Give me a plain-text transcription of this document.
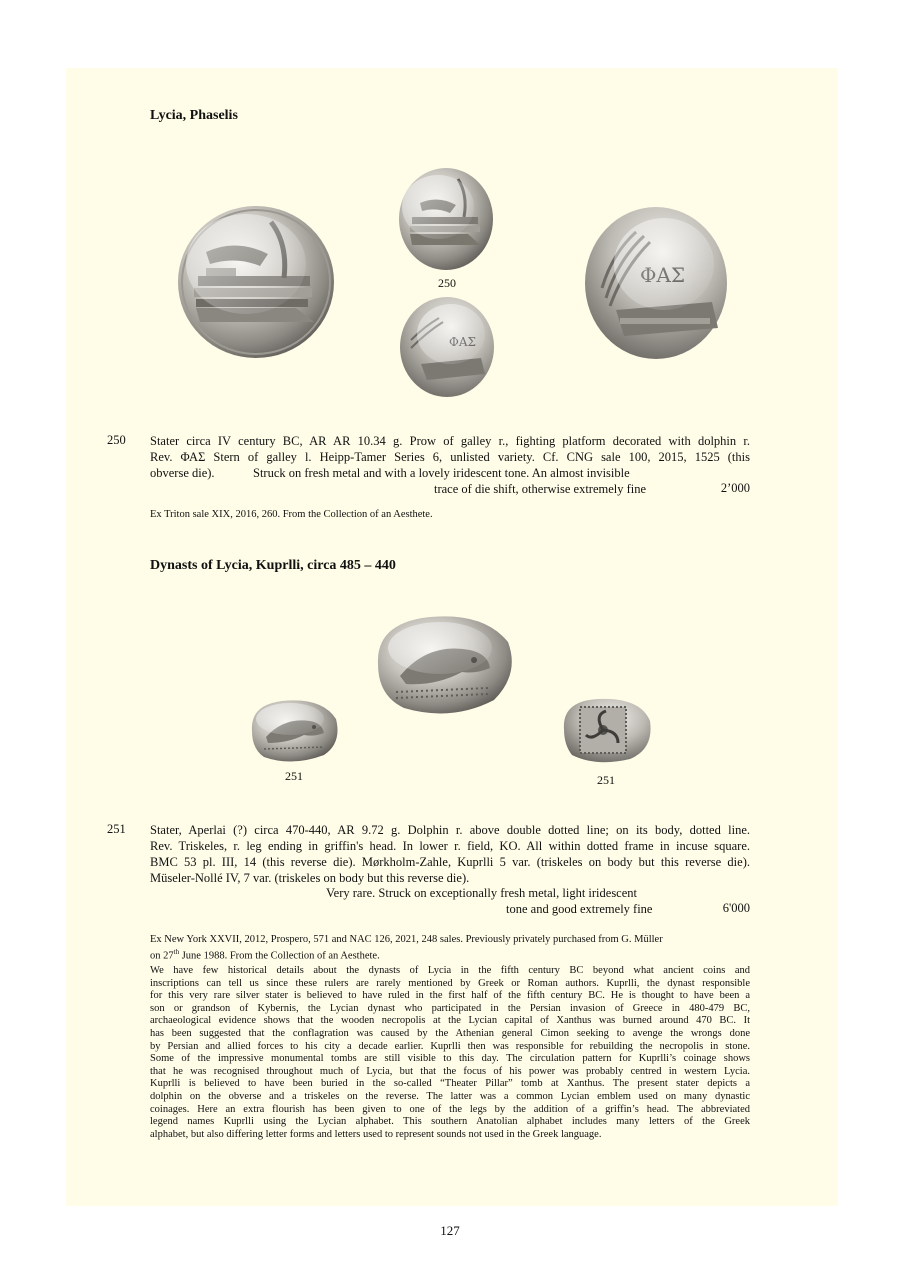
Lycia, Phaselis
250
250 Stater circa IV century BC, AR AR 10.34 g. Prow of galley r., fighting platform decorated with dolphin r.
Rev. ΦΑΣ Stern of galley l. Heipp-Tamer Series 6, unlisted variety. Cf. CNG sale 100, 2015, 1525 (this
obverse die).	Struck on fresh metal and with a lovely iridescent tone. An almost invisible
trace of die shift, otherwise extremely fine	2’000
Ex Triton sale XIX, 2016, 260. From the Collection of an Aesthete.
Dynasts of Lycia, Kuprlli, circa 485 – 440
251	251
251 Stater, Aperlai (?) circa 470-440, AR 9.72 g. Dolphin r. above double dotted line; on its body, dotted line.
Rev. Triskeles, r. leg ending in griffin's head. In lower r. field, KO. All within dotted frame in incuse square.
BMC 53 pl. III, 14 (this reverse die). Mørkholm-Zahle, Kuprlli 5 var. (triskeles on body but this reverse die).
Müseler-Nollé IV, 7 var. (triskeles on body but this reverse die).
Very rare. Struck on exceptionally fresh metal, light iridescent
tone and good extremely fine	6'000
Ex New York XXVII, 2012, Prospero, 571 and NAC 126, 2021, 248 sales. Previously privately purchased from G. Müller
on 27th June 1988. From the Collection of an Aesthete.
We have few historical details about the dynasts of Lycia in the fifth century BC beyond what ancient coins and
inscriptions can tell us since these rulers are rarely mentioned by Greek or Roman authors. Kuprlli, the dynast responsible
for this very rare silver stater is believed to have ruled in the first half of the fifth century BC. He is thought to have been a
son or grandson of Kybernis, the Lycian dynast who participated in the Persian invasion of Greece in 480-479 BC,
archaeological evidence shows that the wooden necropolis at the Lycian capital of Xanthus was burned around 470 BC. It
has been suggested that the conflagration was caused by the Athenian general Cimon seeking to avenge the wrongs done
by Persian and allied forces to his city a decade earlier. Kuprlli then was responsible for rebuilding the necropolis in stone.
Some of the impressive monumental tombs are still visible to this day. The circulation pattern for Kuprlli’s coinage shows
that he was recognised throughout much of Lycia, but that the focus of his power was probably centred in western Lycia.
Kuprlli is believed to have been buried in the so-called “Theater Pillar” tomb at Xanthus. The present stater depicts a
dolphin on the obverse and a triskeles on the reverse. The latter was a common Lycian emblem used on many dynastic
coinages. Here an extra flourish has been given to one of the legs by the addition of a griffin’s head. The abbreviated
legend names Kuprlli using the Lycian alphabet. This southern Anatolian alphabet includes many letters of the Greek
alphabet, but also differing letter forms and letters used to represent sounds not used in the Greek language.
127
